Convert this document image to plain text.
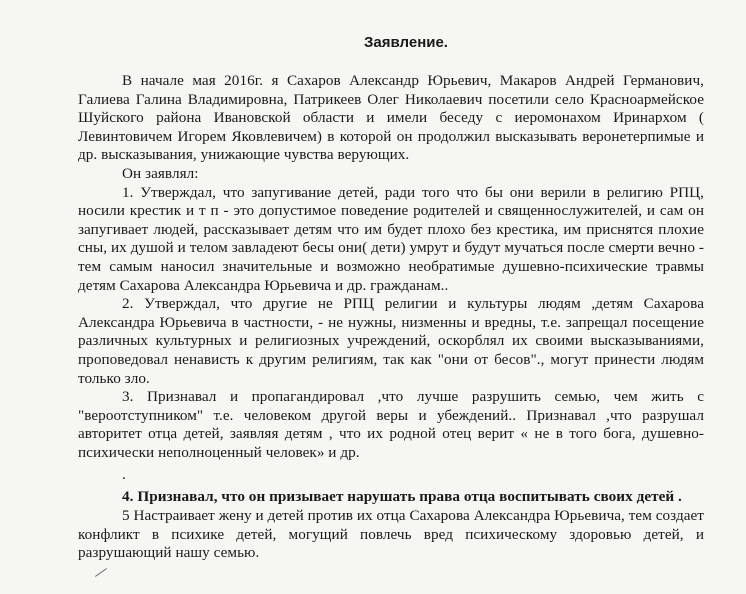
Заявление.

В начале мая 2016г. я Сахаров Александр Юрьевич, Макаров Андрей Германович, Галиева Галина Владимировна, Патрикеев Олег Николаевич посетили село Красноармейское Шуйского района Ивановской области и имели беседу с иеромонахом Иринархом ( Левинтовичем Игорем Яковлевичем) в которой он продолжил высказывать веронетерпимые и др. высказывания, унижающие чувства верующих.

Он заявлял:

1. Утверждал, что запугивание детей, ради того что бы они верили в религию РПЦ, носили крестик и т п - это допустимое поведение родителей и священнослужителей, и сам он запугивает людей, рассказывает детям что им будет плохо без крестика, им приснятся плохие сны, их душой и телом завладеют бесы они( дети) умрут и будут мучаться после смерти вечно - тем самым наносил значительные и возможно необратимые душевно-психические травмы детям Сахарова Александра Юрьевича и др. гражданам..

2. Утверждал, что другие не РПЦ религии и культуры людям ,детям Сахарова Александра Юрьевича в частности, - не нужны, низменны и вредны, т.е. запрещал посещение различных культурных и религиозных учреждений, оскорблял их своими высказываниями, проповедовал ненависть к другим религиям, так как "они от бесов"., могут принести людям только зло.

3. Признавал и пропагандировал ,что лучше разрушить семью, чем жить с "вероотступником" т.е. человеком другой веры и убеждений.. Признавал ,что разрушал авторитет отца детей, заявляя детям , что их родной отец верит « не в того бога, душевно-психически неполноценный человек» и др.

.

4. Признавал, что он призывает нарушать права отца воспитывать своих детей .

5 Настраивает жену и детей против их отца Сахарова Александра Юрьевича, тем создает конфликт в психике детей, могущий повлечь вред психическому здоровью детей, и разрушающий нашу семью.
